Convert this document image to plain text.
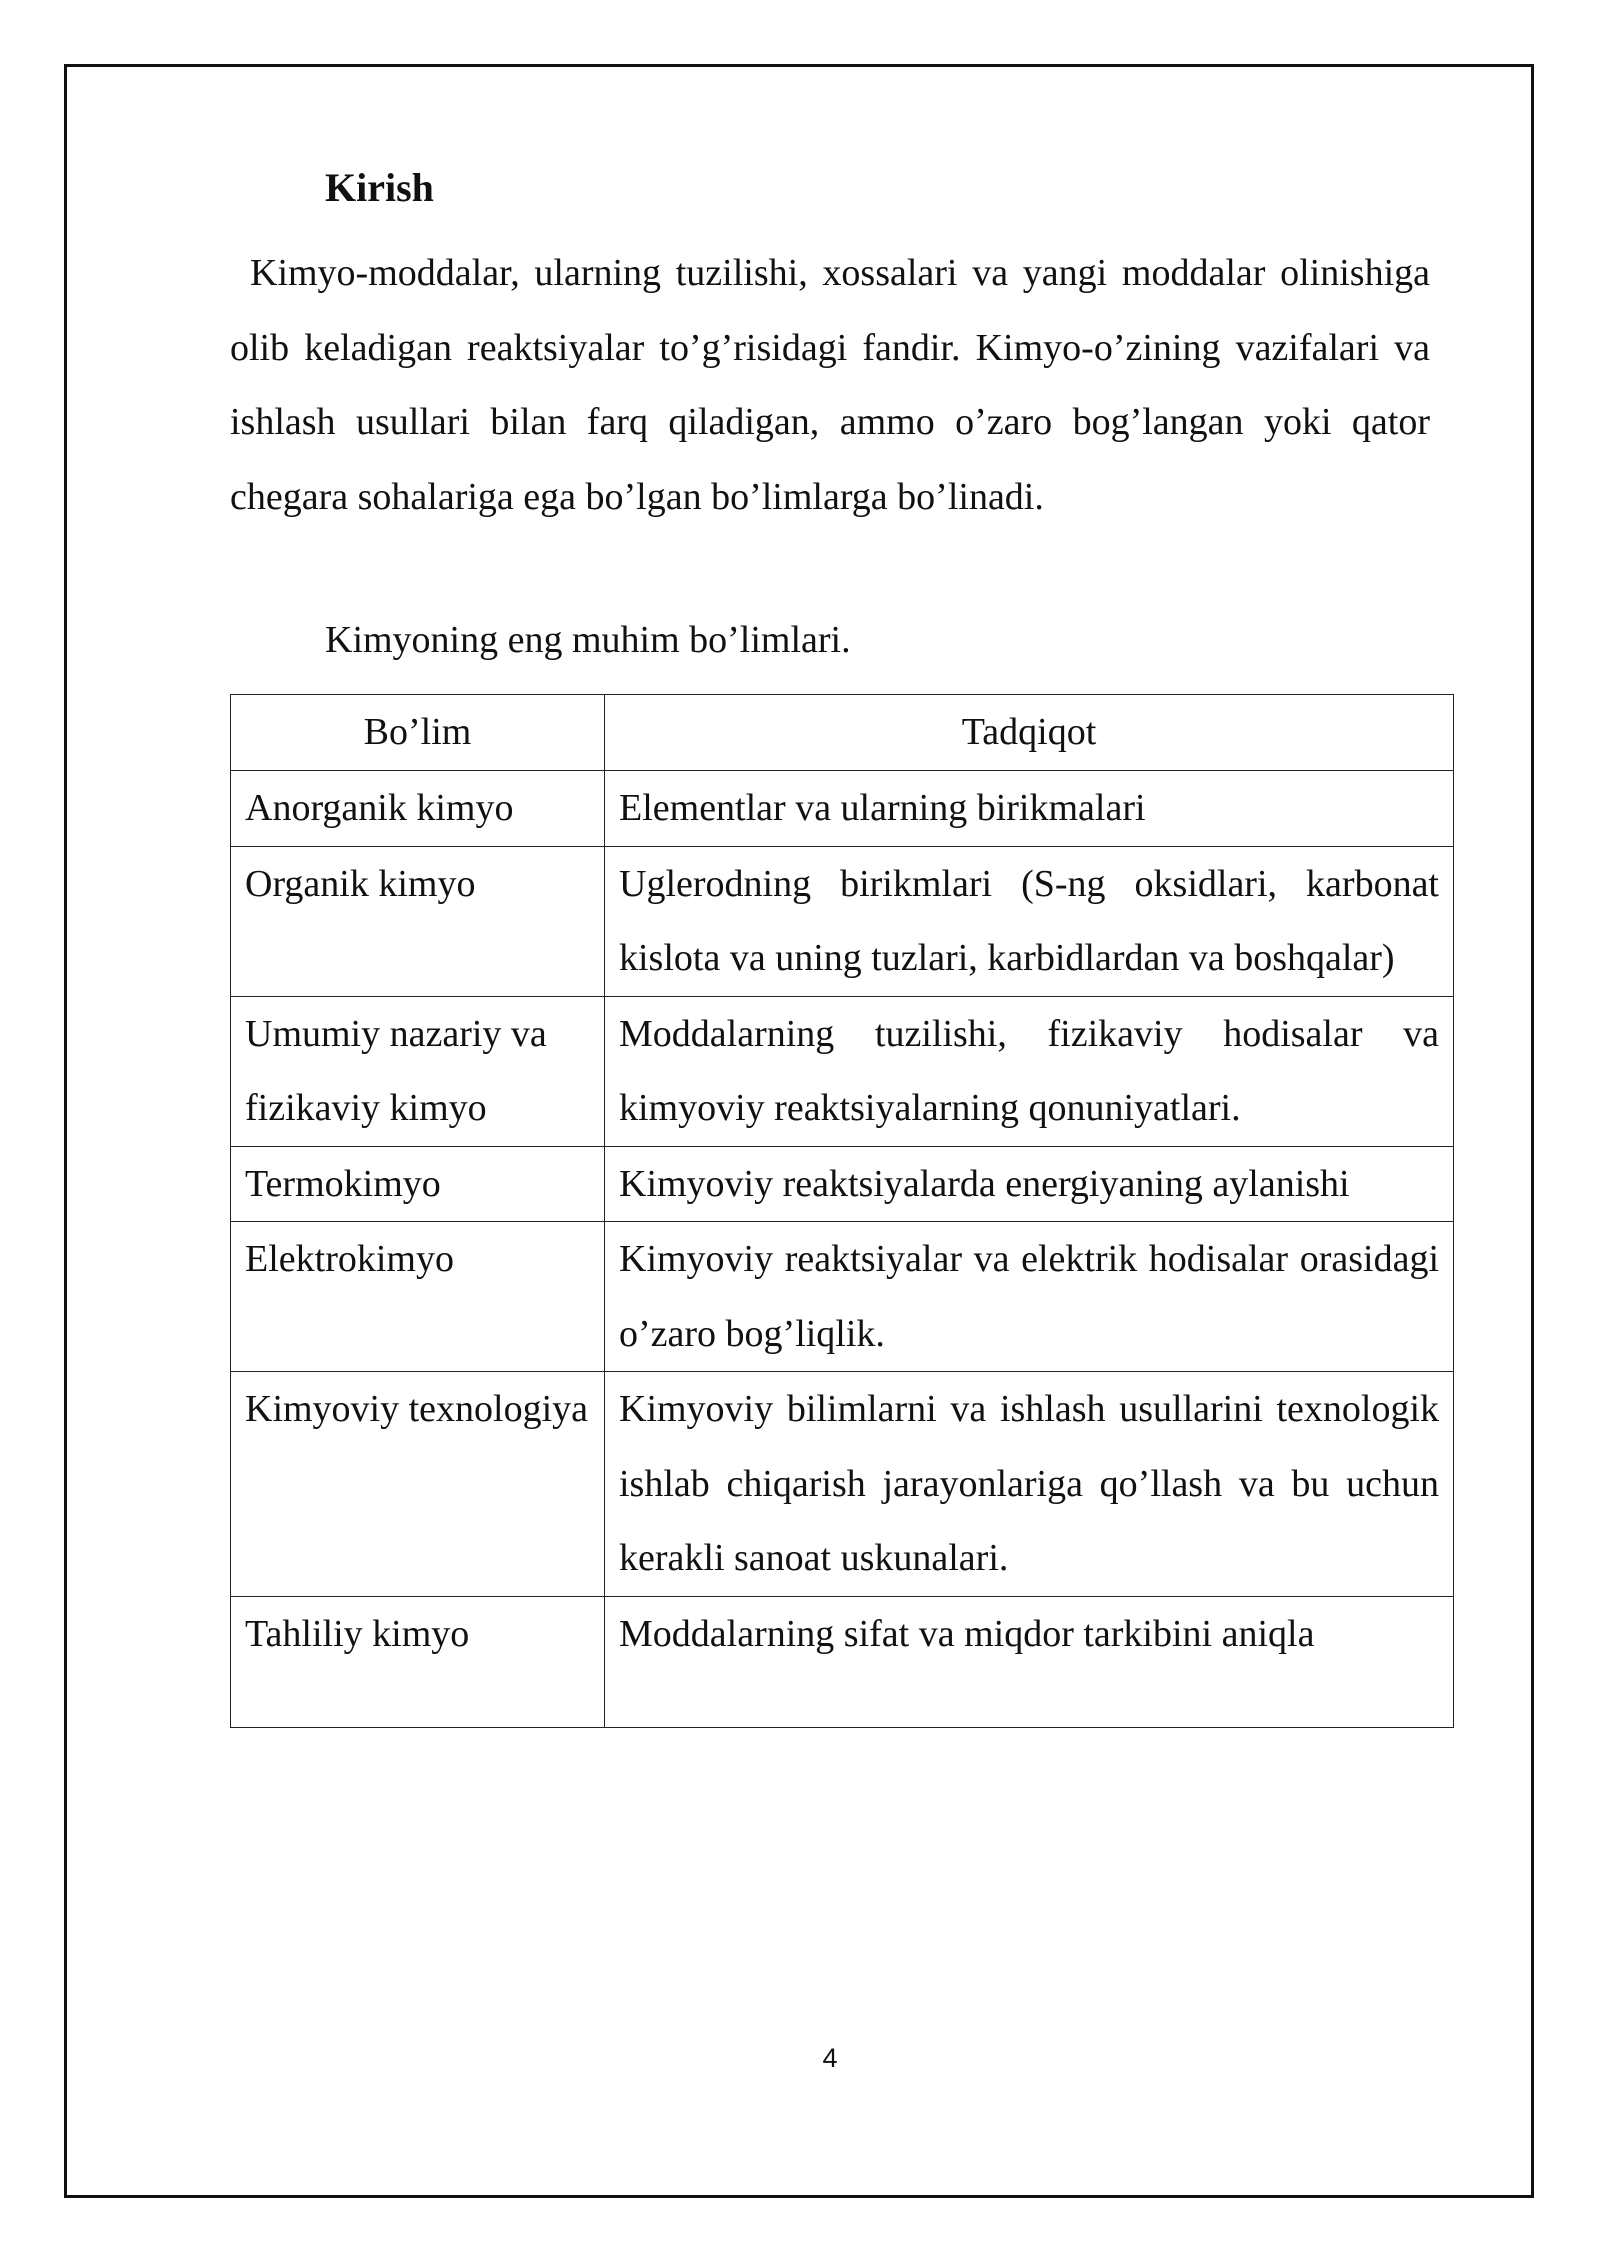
Kirish

Kimyo-moddalar, ularning tuzilishi, xossalari va yangi moddalar olinishiga olib keladigan reaktsiyalar to’g’risidagi fandir. Kimyo-o’zining vazifalari va ishlash usullari bilan farq qiladigan, ammo o’zaro bog’langan yoki qator chegara sohalariga ega bo’lgan bo’limlarga bo’linadi.

Kimyoning eng muhim bo’limlari.
Bo’lim	Tadqiqot
Anorganik kimyo	Elementlar va ularning birikmalari
Organik kimyo	Uglerodning birikmlari (S-ng oksidlari, karbonat kislota va uning tuzlari, karbidlardan va boshqalar)
Umumiy nazariy va fizikaviy kimyo	Moddalarning tuzilishi, fizikaviy hodisalar va kimyoviy reaktsiyalarning qonuniyatlari.
Termokimyo	Kimyoviy reaktsiyalarda energiyaning aylanishi
Elektrokimyo	Kimyoviy reaktsiyalar va elektrik hodisalar orasidagi o’zaro bog’liqlik.
Kimyoviy texnologiya	Kimyoviy bilimlarni va ishlash usullarini texnologik ishlab chiqarish jarayonlariga qo’llash va bu uchun kerakli sanoat uskunalari.
Tahliliy kimyo	Moddalarning sifat va miqdor tarkibini aniqla
4
